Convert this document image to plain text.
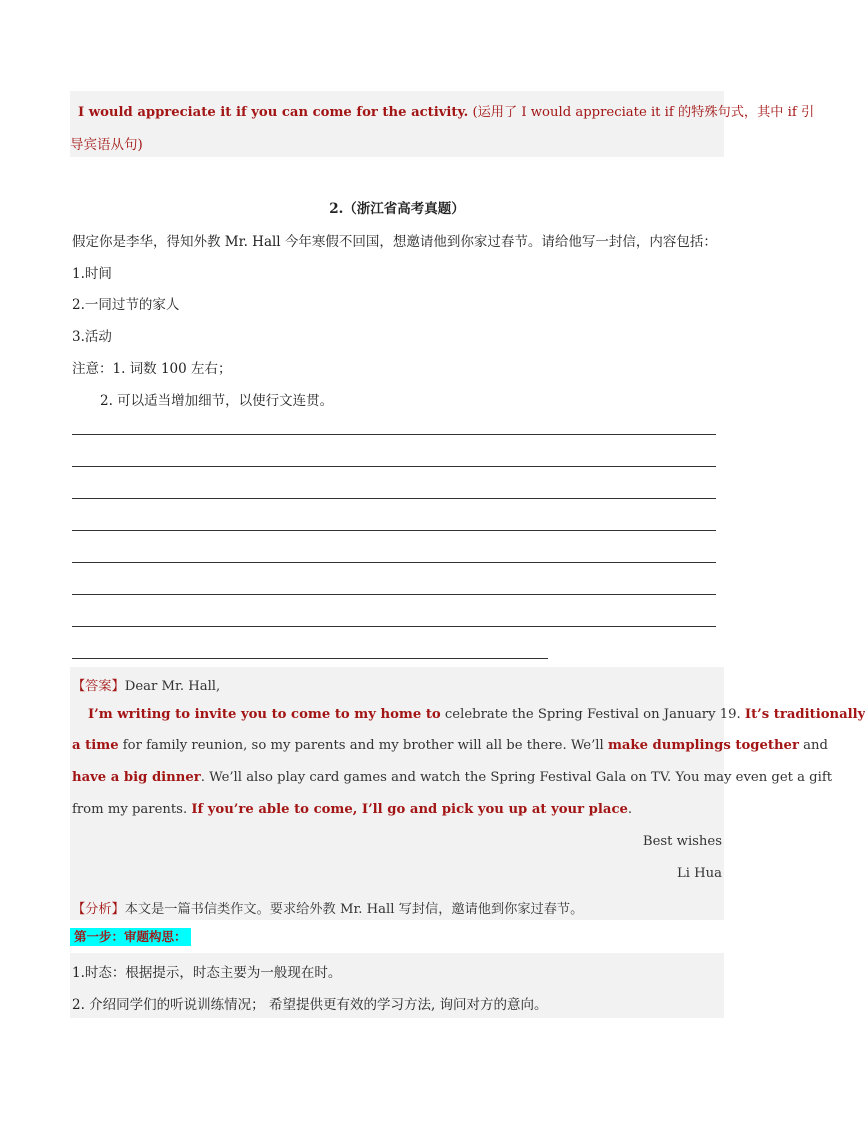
I would appreciate it if you can come for the activity. (运用了 I would appreciate it if 的特殊句式，其中 if 引
导宾语从句)
2.（浙江省高考真题）
假定你是李华，得知外教 Mr. Hall 今年寒假不回国，想邀请他到你家过春节。请给他写一封信，内容包括：
1.时间
2.一同过节的家人
3.活动
注意：1. 词数 100 左右；
2. 可以适当增加细节，以使行文连贯。
【答案】Dear Mr. Hall,
I’m writing to invite you to come to my home to celebrate the Spring Festival on January 19. It’s traditionally
a time for family reunion, so my parents and my brother will all be there. We’ll make dumplings together and
have a big dinner. We’ll also play card games and watch the Spring Festival Gala on TV. You may even get a gift
from my parents. If you’re able to come, I’ll go and pick you up at your place.
Best wishes
Li Hua
【分析】本文是一篇书信类作文。要求给外教 Mr. Hall 写封信，邀请他到你家过春节。
第一步：审题构思：
1.时态：根据提示，时态主要为一般现在时。
2. 介绍同学们的听说训练情况； 希望提供更有效的学习方法, 询问对方的意向。
